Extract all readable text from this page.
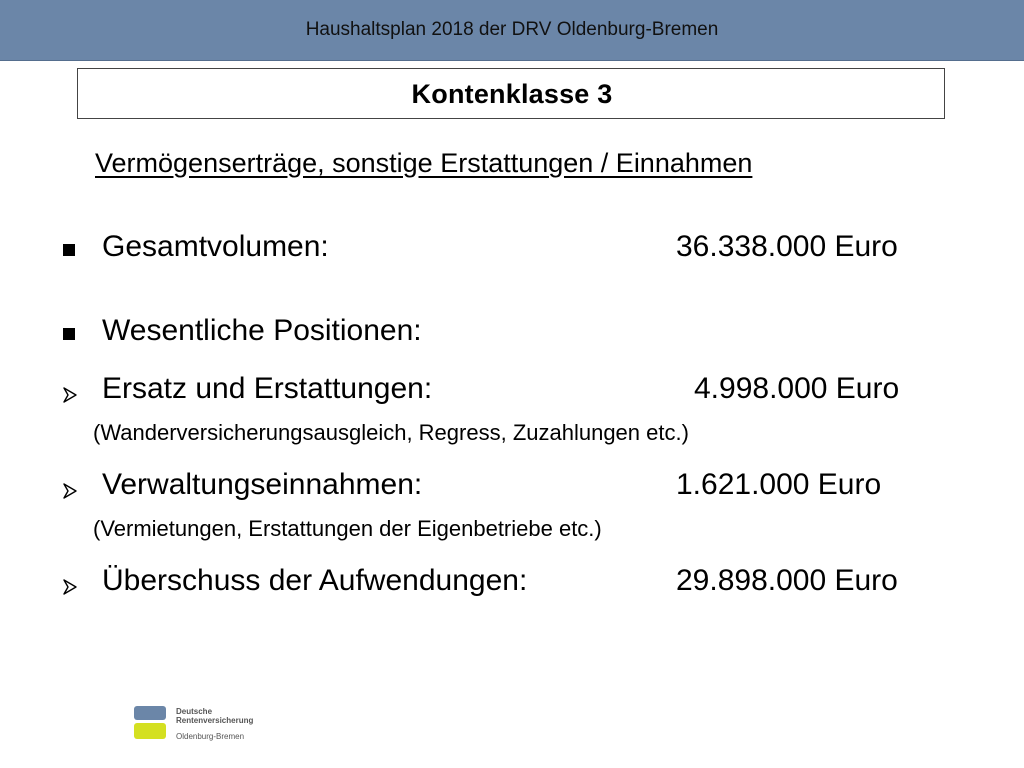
Haushaltsplan 2018 der DRV Oldenburg-Bremen
Kontenklasse 3
Vermögenserträge, sonstige Erstattungen / Einnahmen
Gesamtvolumen:	36.338.000 Euro
Wesentliche Positionen:
Ersatz und Erstattungen:	4.998.000 Euro
(Wanderversicherungsausgleich, Regress, Zuzahlungen etc.)
Verwaltungseinnahmen:	1.621.000 Euro
(Vermietungen, Erstattungen der Eigenbetriebe etc.)
Überschuss der Aufwendungen:	29.898.000 Euro
Deutsche
Rentenversicherung
Oldenburg-Bremen
